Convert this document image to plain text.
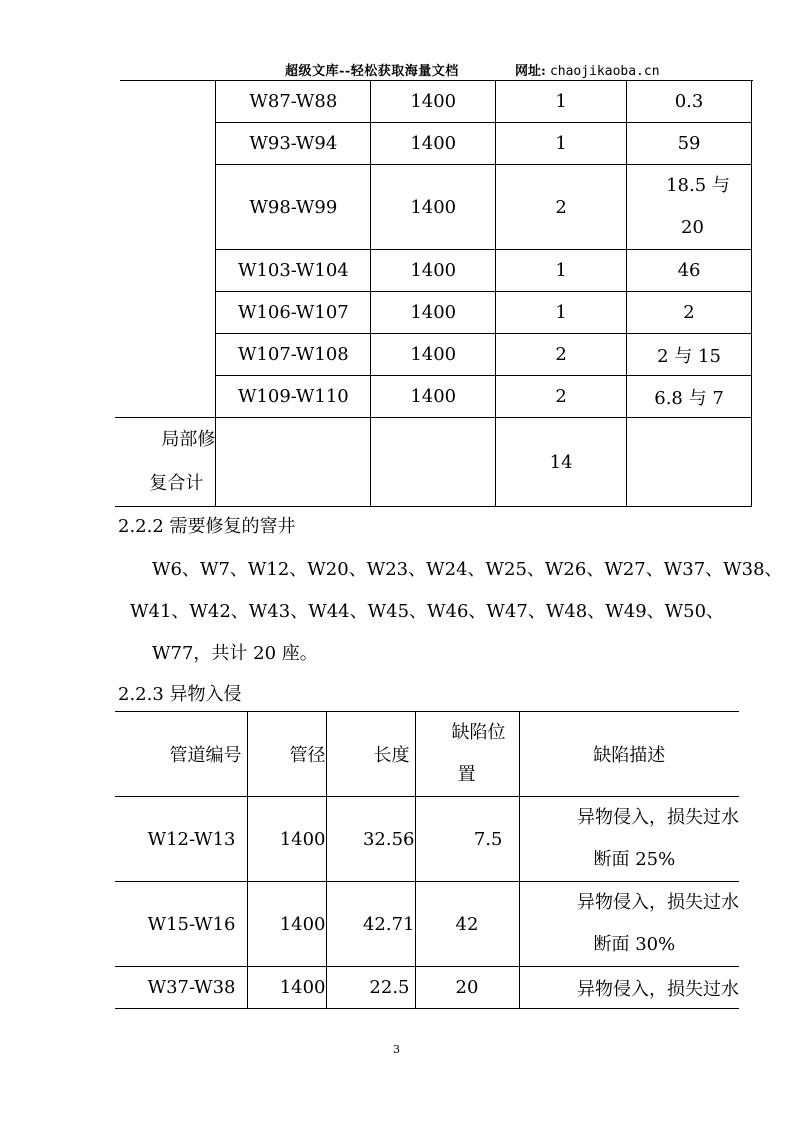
超级文库--轻松获取海量文档	网址: chaojikaoba.cn
	W87-W88	1400	1	0.3
	W93-W94	1400	1	59
	W98-W99	1400	2	18.5 与
20

	W103-W104	1400	1	46
	W106-W107	1400	1	2
	W107-W108	1400	2	2 与 15
	W109-W110	1400	2	6.8 与 7

局部修
复合计			14	
2.2.2 需要修复的窨井
W6、W7、W12、W20、W23、W24、W25、W26、W27、W37、W38、
W41、W42、W43、W44、W45、W46、W47、W48、W49、W50、
W77，共计 20 座。
2.2.3 异物入侵
管道编号	管径	长度	缺陷位
置	缺陷描述
W12-W13	1400	32.56	7.5	异物侵入，损失过水
断面 25%

W15-W16	1400	42.71	42	异物侵入，损失过水
断面 30%

W37-W38	1400	22.5	20	异物侵入，损失过水
3
